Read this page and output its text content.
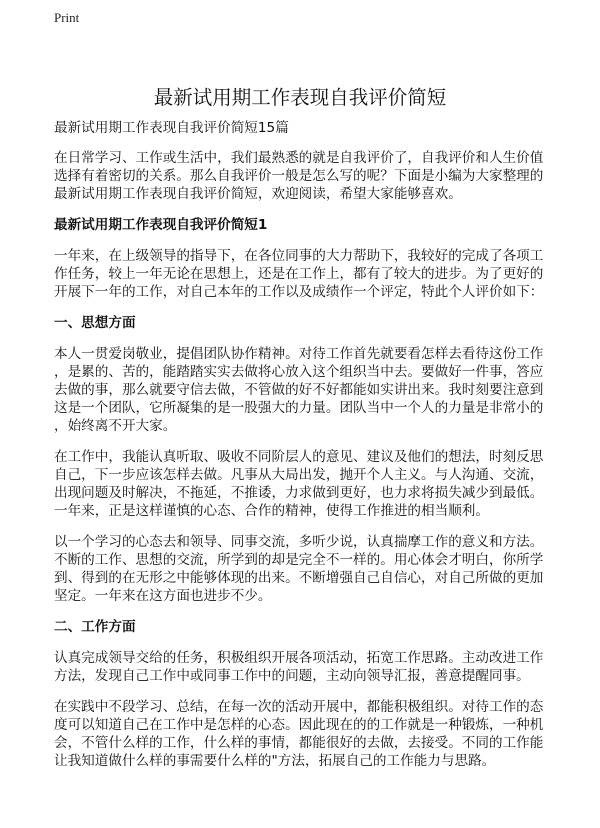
Print
最新试用期工作表现自我评价简短
最新试用期工作表现自我评价简短15篇
在日常学习、工作或生活中，我们最熟悉的就是自我评价了，自我评价和人生价值
选择有着密切的关系。那么自我评价一般是怎么写的呢？下面是小编为大家整理的
最新试用期工作表现自我评价简短，欢迎阅读，希望大家能够喜欢。
最新试用期工作表现自我评价简短1
一年来，在上级领导的指导下，在各位同事的大力帮助下，我较好的完成了各项工
作任务，较上一年无论在思想上，还是在工作上，都有了较大的进步。为了更好的
开展下一年的工作，对自己本年的工作以及成绩作一个评定，特此个人评价如下：
一、思想方面
本人一贯爱岗敬业，提倡团队协作精神。对待工作首先就要看怎样去看待这份工作
，是累的、苦的，能踏踏实实去做将心放入这个组织当中去。要做好一件事，答应
去做的事，那么就要守信去做，不管做的好不好都能如实讲出来。我时刻要注意到
这是一个团队，它所凝集的是一股强大的力量。团队当中一个人的力量是非常小的
，始终离不开大家。
在工作中，我能认真听取、吸收不同阶层人的意见、建议及他们的想法，时刻反思
自己，下一步应该怎样去做。凡事从大局出发，抛开个人主义。与人沟通、交流，
出现问题及时解决，不拖延，不推诿，力求做到更好，也力求将损失减少到最低。
一年来，正是这样谨慎的心态、合作的精神，使得工作推进的相当顺利。
以一个学习的心态去和领导、同事交流，多听少说，认真揣摩工作的意义和方法。
不断的工作、思想的交流，所学到的却是完全不一样的。用心体会才明白，你所学
到、得到的在无形之中能够体现的出来。不断增强自己自信心，对自己所做的更加
坚定。一年来在这方面也进步不少。
二、工作方面
认真完成领导交给的任务，积极组织开展各项活动，拓宽工作思路。主动改进工作
方法，发现自己工作中或同事工作中的问题，主动向领导汇报，善意提醒同事。
在实践中不段学习、总结，在每一次的活动开展中，都能积极组织。对待工作的态
度可以知道自己在工作中是怎样的心态。因此现在的的工作就是一种锻炼，一种机
会，不管什么样的工作，什么样的事情，都能很好的去做，去接受。不同的工作能
让我知道做什么样的事需要什么样的"方法，拓展自己的工作能力与思路。
